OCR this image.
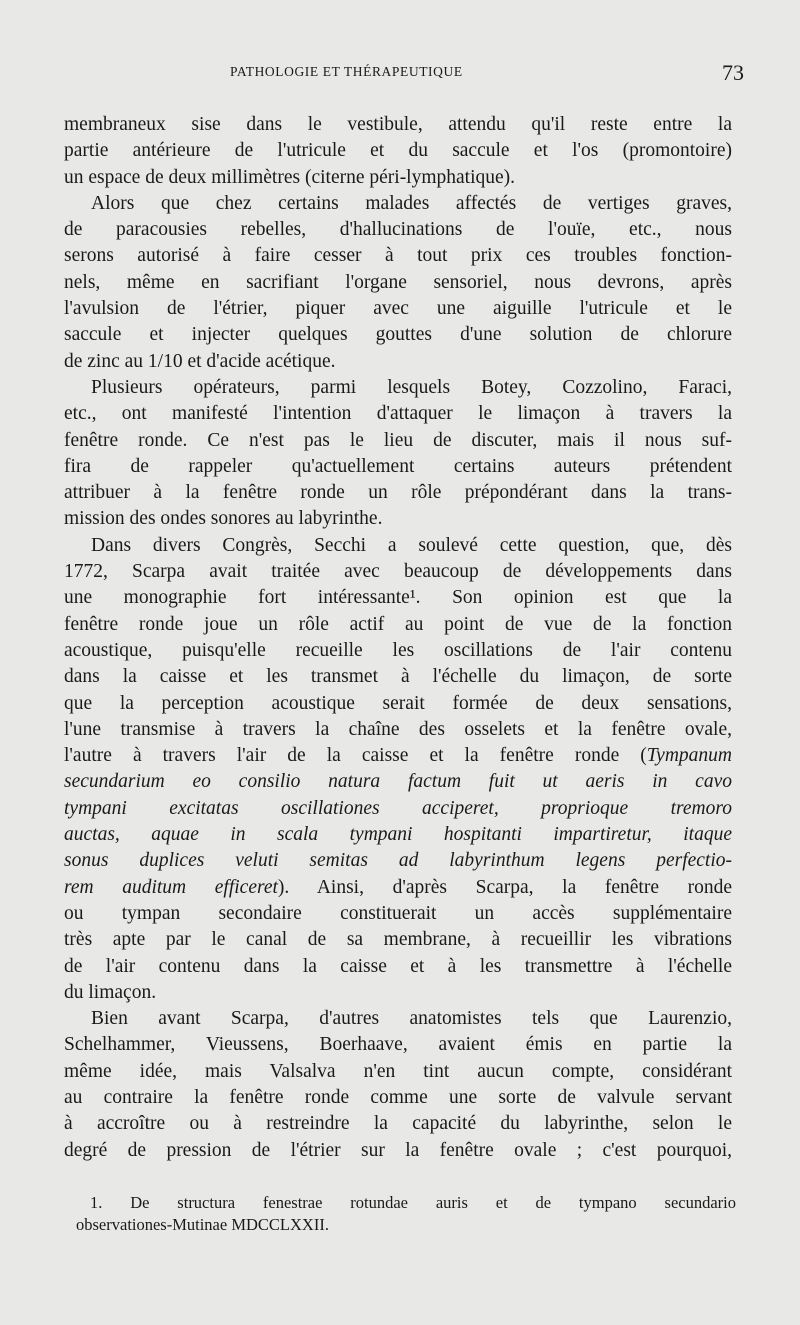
PATHOLOGIE ET THÉRAPEUTIQUE	73
membraneux sise dans le vestibule, attendu qu'il reste entre la
partie antérieure de l'utricule et du saccule et l'os (promontoire)
un espace de deux millimètres (citerne péri-lymphatique).
Alors que chez certains malades affectés de vertiges graves,
de paracousies rebelles, d'hallucinations de l'ouïe, etc., nous
serons autorisé à faire cesser à tout prix ces troubles fonction-
nels, même en sacrifiant l'organe sensoriel, nous devrons, après
l'avulsion de l'étrier, piquer avec une aiguille l'utricule et le
saccule et injecter quelques gouttes d'une solution de chlorure
de zinc au 1/10 et d'acide acétique.
Plusieurs opérateurs, parmi lesquels Botey, Cozzolino, Faraci,
etc., ont manifesté l'intention d'attaquer le limaçon à travers la
fenêtre ronde. Ce n'est pas le lieu de discuter, mais il nous suf-
fira de rappeler qu'actuellement certains auteurs prétendent
attribuer à la fenêtre ronde un rôle prépondérant dans la trans-
mission des ondes sonores au labyrinthe.
Dans divers Congrès, Secchi a soulevé cette question, que, dès
1772, Scarpa avait traitée avec beaucoup de développements dans
une monographie fort intéressante¹. Son opinion est que la
fenêtre ronde joue un rôle actif au point de vue de la fonction
acoustique, puisqu'elle recueille les oscillations de l'air contenu
dans la caisse et les transmet à l'échelle du limaçon, de sorte
que la perception acoustique serait formée de deux sensations,
l'une transmise à travers la chaîne des osselets et la fenêtre ovale,
l'autre à travers l'air de la caisse et la fenêtre ronde (Tympanum
secundarium eo consilio natura factum fuit ut aeris in cavo
tympani excitatas oscillationes acciperet, proprioque tremoro
auctas, aquae in scala tympani hospitanti impartiretur, itaque
sonus duplices veluti semitas ad labyrinthum legens perfectio-
rem auditum efficeret). Ainsi, d'après Scarpa, la fenêtre ronde
ou tympan secondaire constituerait un accès supplémentaire
très apte par le canal de sa membrane, à recueillir les vibrations
de l'air contenu dans la caisse et à les transmettre à l'échelle
du limaçon.
Bien avant Scarpa, d'autres anatomistes tels que Laurenzio,
Schelhammer, Vieussens, Boerhaave, avaient émis en partie la
même idée, mais Valsalva n'en tint aucun compte, considérant
au contraire la fenêtre ronde comme une sorte de valvule servant
à accroître ou à restreindre la capacité du labyrinthe, selon le
degré de pression de l'étrier sur la fenêtre ovale ; c'est pourquoi,
1. De structura fenestrae rotundae auris et de tympano secundario
observationes-Mutinae MDCCLXXII.
